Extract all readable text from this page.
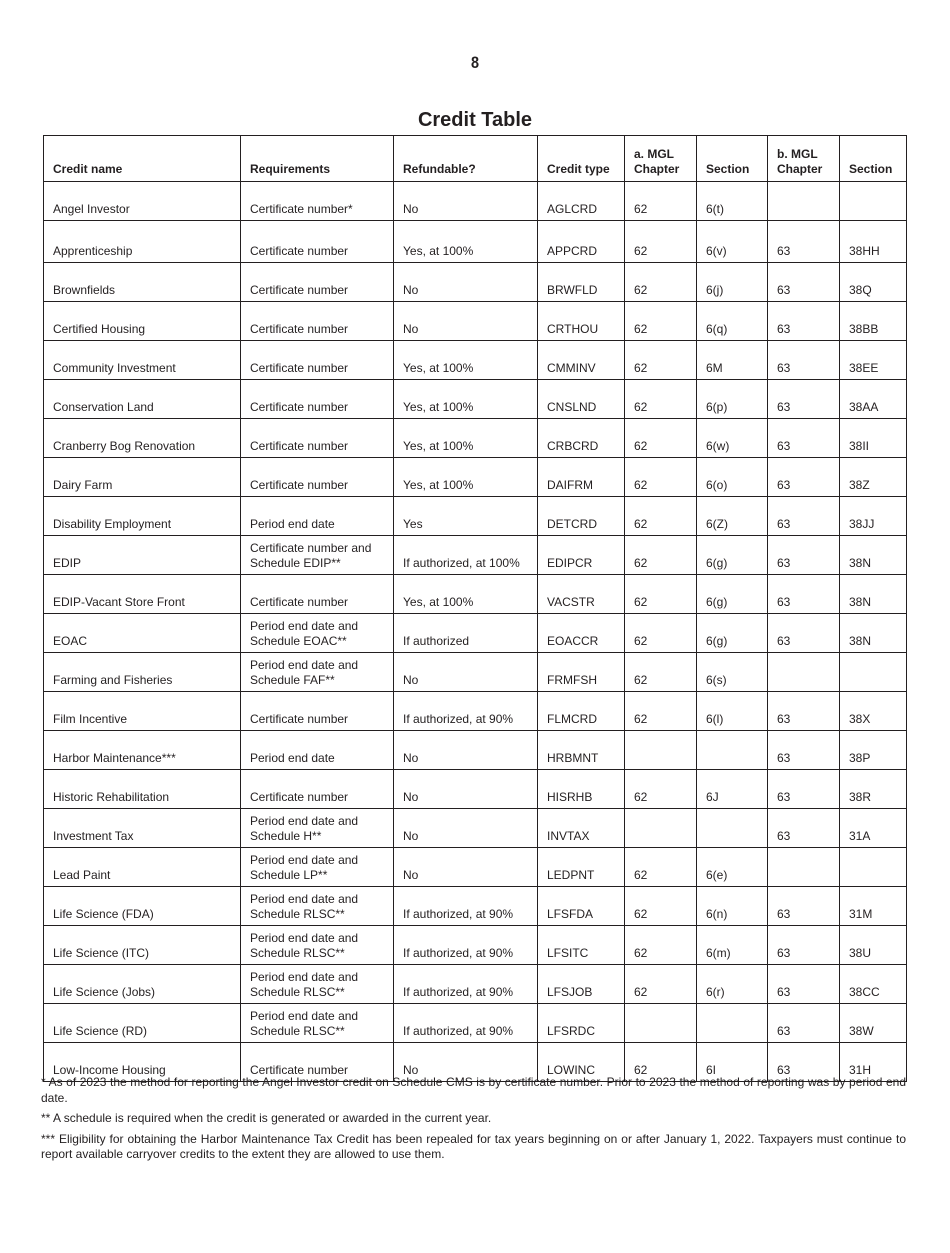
8
Credit Table
Credit name	Requirements	Refundable?	Credit type	a. MGL Chapter	Section	b. MGL Chapter	Section
Angel Investor	Certificate number*	No	AGLCRD	62	6(t)		
Apprenticeship	Certificate number	Yes, at 100%	APPCRD	62	6(v)	63	38HH
Brownfields	Certificate number	No	BRWFLD	62	6(j)	63	38Q
Certified Housing	Certificate number	No	CRTHOU	62	6(q)	63	38BB
Community Investment	Certificate number	Yes, at 100%	CMMINV	62	6M	63	38EE
Conservation Land	Certificate number	Yes, at 100%	CNSLND	62	6(p)	63	38AA
Cranberry Bog Renovation	Certificate number	Yes, at 100%	CRBCRD	62	6(w)	63	38II
Dairy Farm	Certificate number	Yes, at 100%	DAIFRM	62	6(o)	63	38Z
Disability Employment	Period end date	Yes	DETCRD	62	6(Z)	63	38JJ
EDIP	Certificate number and Schedule EDIP**	If authorized, at 100%	EDIPCR	62	6(g)	63	38N
EDIP-Vacant Store Front	Certificate number	Yes, at 100%	VACSTR	62	6(g)	63	38N
EOAC	Period end date and Schedule EOAC**	If authorized	EOACCR	62	6(g)	63	38N
Farming and Fisheries	Period end date and Schedule FAF**	No	FRMFSH	62	6(s)		
Film Incentive	Certificate number	If authorized, at 90%	FLMCRD	62	6(l)	63	38X
Harbor Maintenance***	Period end date	No	HRBMNT			63	38P
Historic Rehabilitation	Certificate number	No	HISRHB	62	6J	63	38R
Investment Tax	Period end date and Schedule H**	No	INVTAX			63	31A
Lead Paint	Period end date and Schedule LP**	No	LEDPNT	62	6(e)		
Life Science (FDA)	Period end date and Schedule RLSC**	If authorized, at 90%	LFSFDA	62	6(n)	63	31M
Life Science (ITC)	Period end date and Schedule RLSC**	If authorized, at 90%	LFSITC	62	6(m)	63	38U
Life Science (Jobs)	Period end date and Schedule RLSC**	If authorized, at 90%	LFSJOB	62	6(r)	63	38CC
Life Science (RD)	Period end date and Schedule RLSC**	If authorized, at 90%	LFSRDC			63	38W
Low-Income Housing	Certificate number	No	LOWINC	62	6I	63	31H

* As of 2023 the method for reporting the Angel Investor credit on Schedule CMS is by certificate number. Prior to 2023 the method of reporting was by period end date.

** A schedule is required when the credit is generated or awarded in the current year.

*** Eligibility for obtaining the Harbor Maintenance Tax Credit has been repealed for tax years beginning on or after January 1, 2022. Taxpayers must continue to report available carryover credits to the extent they are allowed to use them.
